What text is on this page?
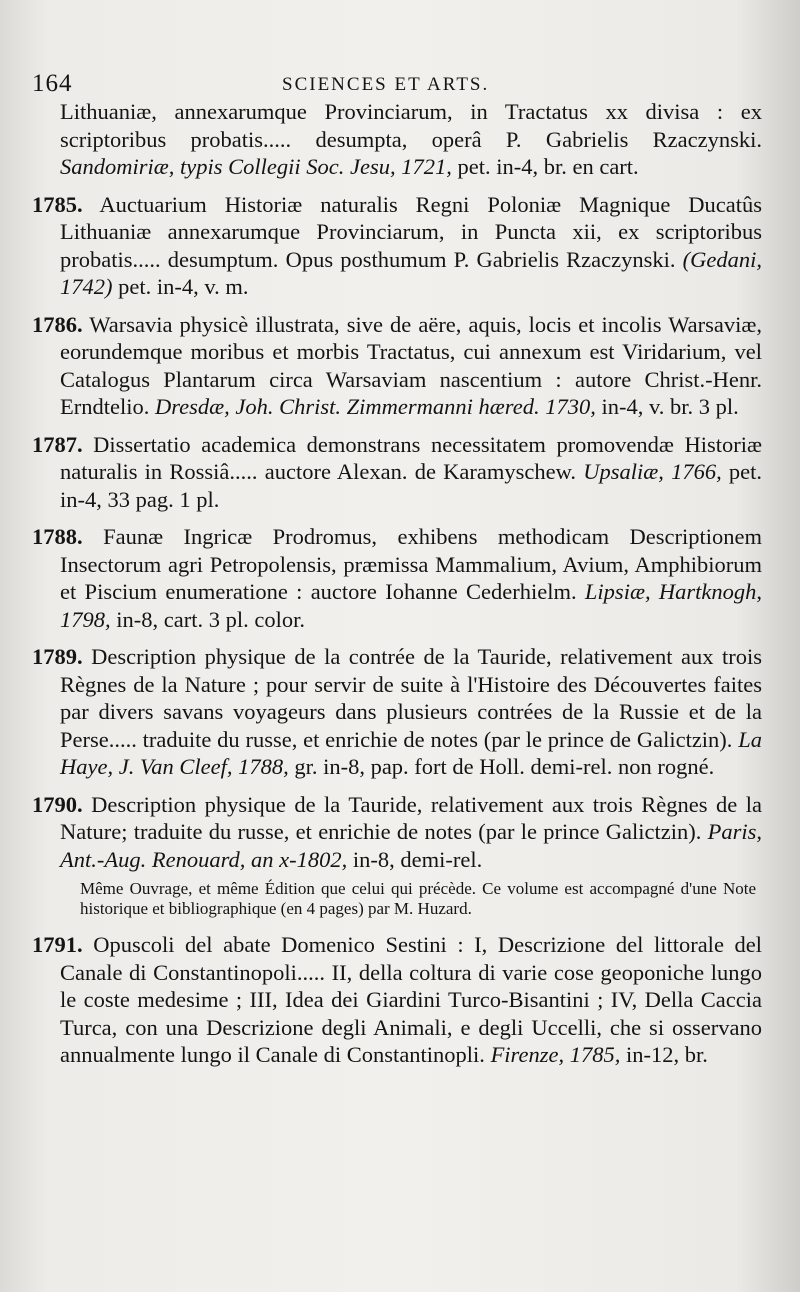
164	SCIENCES ET ARTS.

Lithuaniæ, annexarumque Provinciarum, in Tractatus xx divisa : ex scriptoribus probatis..... desumpta, operâ P. Gabrielis Rzaczynski. Sandomiriæ, typis Collegii Soc. Jesu, 1721, pet. in-4, br. en cart.

1785. Auctuarium Historiæ naturalis Regni Poloniæ Magnique Ducatûs Lithuaniæ annexarumque Provinciarum, in Puncta xii, ex scriptoribus probatis..... desumptum. Opus posthumum P. Gabrielis Rzaczynski. (Gedani, 1742) pet. in-4, v. m.

1786. Warsavia physicè illustrata, sive de aëre, aquis, locis et incolis Warsaviæ, eorundemque moribus et morbis Tractatus, cui annexum est Viridarium, vel Catalogus Plantarum circa Warsaviam nascentium : autore Christ.-Henr. Erndtelio. Dresdæ, Joh. Christ. Zimmermanni hæred. 1730, in-4, v. br. 3 pl.

1787. Dissertatio academica demonstrans necessitatem promovendæ Historiæ naturalis in Rossiâ..... auctore Alexan. de Karamyschew. Upsaliæ, 1766, pet. in-4, 33 pag. 1 pl.

1788. Faunæ Ingricæ Prodromus, exhibens methodicam Descriptionem Insectorum agri Petropolensis, præmissa Mammalium, Avium, Amphibiorum et Piscium enumeratione : auctore Iohanne Cederhielm. Lipsiæ, Hartknogh, 1798, in-8, cart. 3 pl. color.

1789. Description physique de la contrée de la Tauride, relativement aux trois Règnes de la Nature ; pour servir de suite à l'Histoire des Découvertes faites par divers savans voyageurs dans plusieurs contrées de la Russie et de la Perse..... traduite du russe, et enrichie de notes (par le prince de Galictzin). La Haye, J. Van Cleef, 1788, gr. in-8, pap. fort de Holl. demi-rel. non rogné.

1790. Description physique de la Tauride, relativement aux trois Règnes de la Nature; traduite du russe, et enrichie de notes (par le prince Galictzin). Paris, Ant.-Aug. Renouard, an x-1802, in-8, demi-rel.

Même Ouvrage, et même Édition que celui qui précède. Ce volume est accompagné d'une Note historique et bibliographique (en 4 pages) par M. Huzard.

1791. Opuscoli del abate Domenico Sestini : I, Descrizione del littorale del Canale di Constantinopoli..... II, della coltura di varie cose geoponiche lungo le coste medesime ; III, Idea dei Giardini Turco-Bisantini ; IV, Della Caccia Turca, con una Descrizione degli Animali, e degli Uccelli, che si osservano annualmente lungo il Canale di Constantinopli. Firenze, 1785, in-12, br.
